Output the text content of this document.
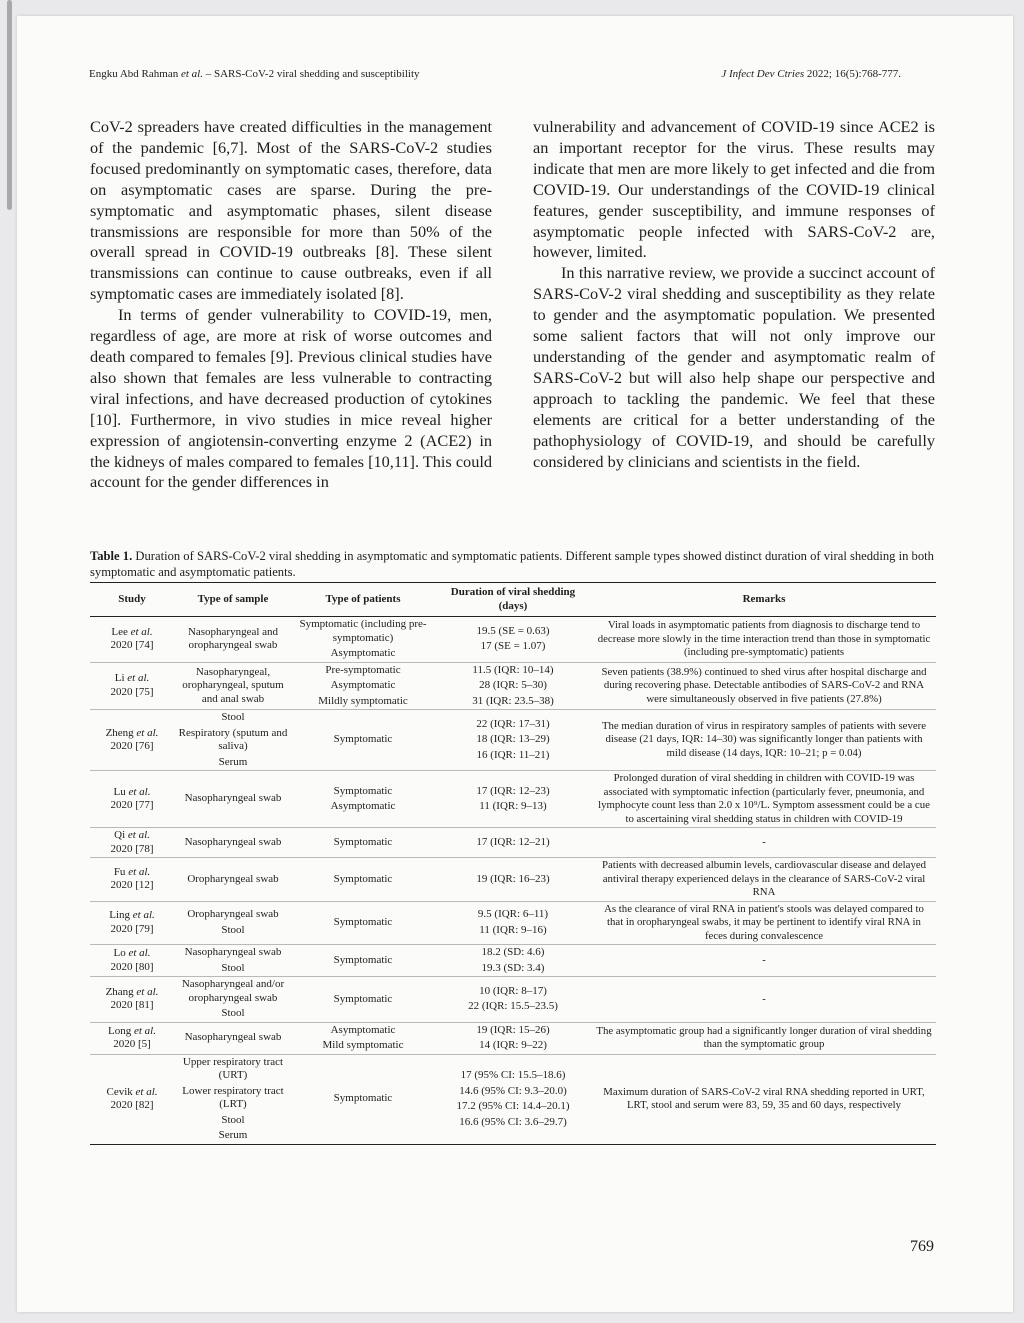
Engku Abd Rahman et al. – SARS-CoV-2 viral shedding and susceptibility	J Infect Dev Ctries 2022; 16(5):768-777.

CoV-2 spreaders have created difficulties in the management of the pandemic [6,7]. Most of the SARS-CoV-2 studies focused predominantly on symptomatic cases, therefore, data on asymptomatic cases are sparse. During the pre-symptomatic and asymptomatic phases, silent disease transmissions are responsible for more than 50% of the overall spread in COVID-19 outbreaks [8]. These silent transmissions can continue to cause outbreaks, even if all symptomatic cases are immediately isolated [8].

In terms of gender vulnerability to COVID-19, men, regardless of age, are more at risk of worse outcomes and death compared to females [9]. Previous clinical studies have also shown that females are less vulnerable to contracting viral infections, and have decreased production of cytokines [10]. Furthermore, in vivo studies in mice reveal higher expression of angiotensin-converting enzyme 2 (ACE2) in the kidneys of males compared to females [10,11]. This could account for the gender differences in

vulnerability and advancement of COVID-19 since ACE2 is an important receptor for the virus. These results may indicate that men are more likely to get infected and die from COVID-19. Our understandings of the COVID-19 clinical features, gender susceptibility, and immune responses of asymptomatic people infected with SARS-CoV-2 are, however, limited.

In this narrative review, we provide a succinct account of SARS-CoV-2 viral shedding and susceptibility as they relate to gender and the asymptomatic population. We presented some salient factors that will not only improve our understanding of the gender and asymptomatic realm of SARS-CoV-2 but will also help shape our perspective and approach to tackling the pandemic. We feel that these elements are critical for a better understanding of the pathophysiology of COVID-19, and should be carefully considered by clinicians and scientists in the field.

Table 1. Duration of SARS-CoV-2 viral shedding in asymptomatic and symptomatic patients. Different sample types showed distinct duration of viral shedding in both symptomatic and asymptomatic patients.

Study	Type of sample	Type of patients	Duration of viral shedding (days)	Remarks

Lee et al.
2020 [74]	Nasopharyngeal and oropharyngeal swab	Symptomatic (including pre-symptomatic)
Asymptomatic	19.5 (SE = 0.63)
17 (SE = 1.07)	Viral loads in asymptomatic patients from diagnosis to discharge tend to decrease more slowly in the time interaction trend than those in symptomatic (including pre-symptomatic) patients

Li et al.
2020 [75]	Nasopharyngeal, oropharyngeal, sputum and anal swab	Pre-symptomatic
Asymptomatic
Mildly symptomatic	11.5 (IQR: 10–14)
28 (IQR: 5–30)
31 (IQR: 23.5–38)	Seven patients (38.9%) continued to shed virus after hospital discharge and during recovering phase. Detectable antibodies of SARS-CoV-2 and RNA were simultaneously observed in five patients (27.8%)

Zheng et al.
2020 [76]	Stool
Respiratory (sputum and saliva)
Serum	Symptomatic	22 (IQR: 17–31)
18 (IQR: 13–29)
16 (IQR: 11–21)	The median duration of virus in respiratory samples of patients with severe disease (21 days, IQR: 14–30) was significantly longer than patients with mild disease (14 days, IQR: 10–21; p = 0.04)

Lu et al.
2020 [77]	Nasopharyngeal swab	Symptomatic
Asymptomatic	17 (IQR: 12–23)
11 (IQR: 9–13)	Prolonged duration of viral shedding in children with COVID-19 was associated with symptomatic infection (particularly fever, pneumonia, and lymphocyte count less than 2.0 x 10⁹/L. Symptom assessment could be a cue to ascertaining viral shedding status in children with COVID-19

Qi et al.
2020 [78]	Nasopharyngeal swab	Symptomatic	17 (IQR: 12–21)	-

Fu et al.
2020 [12]	Oropharyngeal swab	Symptomatic	19 (IQR: 16–23)	Patients with decreased albumin levels, cardiovascular disease and delayed antiviral therapy experienced delays in the clearance of SARS-CoV-2 viral RNA

Ling et al.
2020 [79]	Oropharyngeal swab
Stool	Symptomatic	9.5 (IQR: 6–11)
11 (IQR: 9–16)	As the clearance of viral RNA in patient's stools was delayed compared to that in oropharyngeal swabs, it may be pertinent to identify viral RNA in feces during convalescence

Lo et al.
2020 [80]	Nasopharyngeal swab
Stool	Symptomatic	18.2 (SD: 4.6)
19.3 (SD: 3.4)	-

Zhang et al.
2020 [81]	Nasopharyngeal and/or oropharyngeal swab
Stool	Symptomatic	10 (IQR: 8–17)
22 (IQR: 15.5–23.5)	-

Long et al.
2020 [5]	Nasopharyngeal swab	Asymptomatic
Mild symptomatic	19 (IQR: 15–26)
14 (IQR: 9–22)	The asymptomatic group had a significantly longer duration of viral shedding than the symptomatic group

Cevik et al.
2020 [82]	Upper respiratory tract (URT)
Lower respiratory tract (LRT)
Stool
Serum	Symptomatic	17 (95% CI: 15.5–18.6)
14.6 (95% CI: 9.3–20.0)
17.2 (95% CI: 14.4–20.1)
16.6 (95% CI: 3.6–29.7)	Maximum duration of SARS-CoV-2 viral RNA shedding reported in URT, LRT, stool and serum were 83, 59, 35 and 60 days, respectively
769
